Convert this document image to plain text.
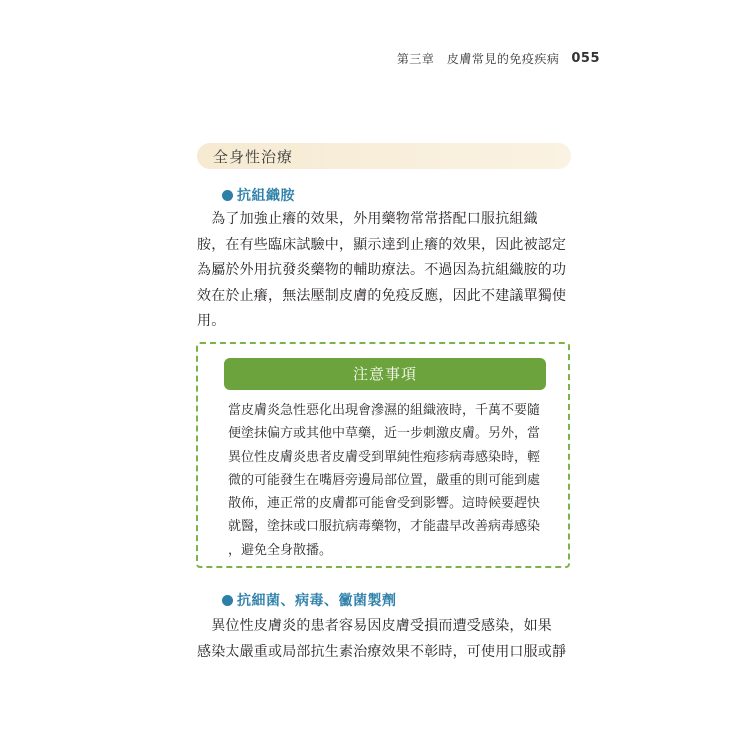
第三章　皮膚常見的免疫疾病 055
全身性治療
抗組織胺
　為了加強止癢的效果，外用藥物常常搭配口服抗組織
胺，在有些臨床試驗中，顯示達到止癢的效果，因此被認定
為屬於外用抗發炎藥物的輔助療法。不過因為抗組織胺的功
效在於止癢，無法壓制皮膚的免疫反應，因此不建議單獨使
用。
注意事項
當皮膚炎急性惡化出現會滲濕的組織液時，千萬不要隨
便塗抹偏方或其他中草藥，近一步刺激皮膚。另外，當
異位性皮膚炎患者皮膚受到單純性疱疹病毒感染時，輕
微的可能發生在嘴唇旁邊局部位置，嚴重的則可能到處
散佈，連正常的皮膚都可能會受到影響。這時候要趕快
就醫，塗抹或口服抗病毒藥物，才能盡早改善病毒感染
，避免全身散播。
抗細菌、病毒、黴菌製劑
　異位性皮膚炎的患者容易因皮膚受損而遭受感染，如果
感染太嚴重或局部抗生素治療效果不彰時，可使用口服或靜
